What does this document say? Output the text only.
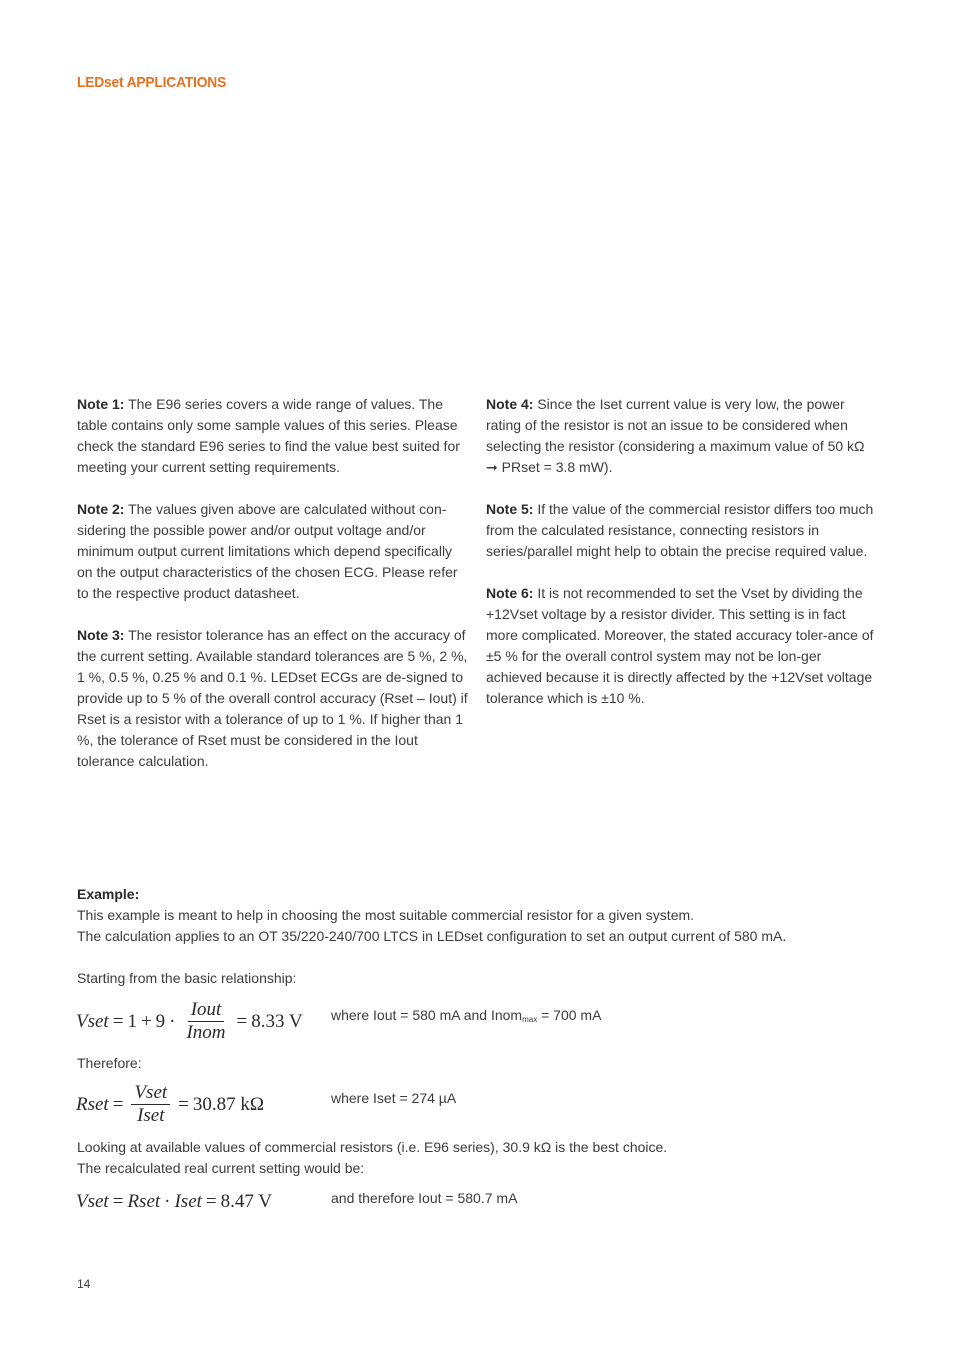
LEDset APPLICATIONS

Note 1: The E96 series covers a wide range of values. The table contains only some sample values of this series. Please check the standard E96 series to find the value best suited for meeting your current setting requirements.

Note 2: The values given above are calculated without con-sidering the possible power and/or output voltage and/or minimum output current limitations which depend specifically on the output characteristics of the chosen ECG. Please refer to the respective product datasheet.

Note 3: The resistor tolerance has an effect on the accuracy of the current setting. Available standard tolerances are 5 %, 2 %, 1 %, 0.5 %, 0.25 % and 0.1 %. LEDset ECGs are de-signed to provide up to 5 % of the overall control accuracy (Rset – Iout) if Rset is a resistor with a tolerance of up to 1 %. If higher than 1 %, the tolerance of Rset must be considered in the Iout tolerance calculation.

Note 4: Since the Iset current value is very low, the power rating of the resistor is not an issue to be considered when selecting the resistor (considering a maximum value of 50 kΩ ➞ PRset = 3.8 mW).

Note 5: If the value of the commercial resistor differs too much from the calculated resistance, connecting resistors in series/parallel might help to obtain the precise required value.

Note 6: It is not recommended to set the Vset by dividing the +12Vset voltage by a resistor divider. This setting is in fact more complicated. Moreover, the stated accuracy toler-ance of ±5 % for the overall control system may not be lon-ger achieved because it is directly affected by the +12Vset voltage tolerance which is ±10 %.

Example:

This example is meant to help in choosing the most suitable commercial resistor for a given system.

The calculation applies to an OT 35/220-240/700 LTCS in LEDset configuration to set an output current of 580 mA.

Starting from the basic relationship:

Vset = $1 + 9 \cdot \frac{\text{Iout}}{\text{Inom}} = 8.33$ V where Iout = 580 mA and Inom$_{max}$ = 700 mA
Therefore:
Rset = $\frac{\text{Vset}}{\text{Iset}} = 30.87$ kΩ	where Iset = 274 µA
Looking at available values of commercial resistors (i.e. E96 series), 30.9 kΩ is the best choice.
The recalculated real current setting would be:
Vset = Rset · Iset = 8.47 V	and therefore Iout = 580.7 mA
14
